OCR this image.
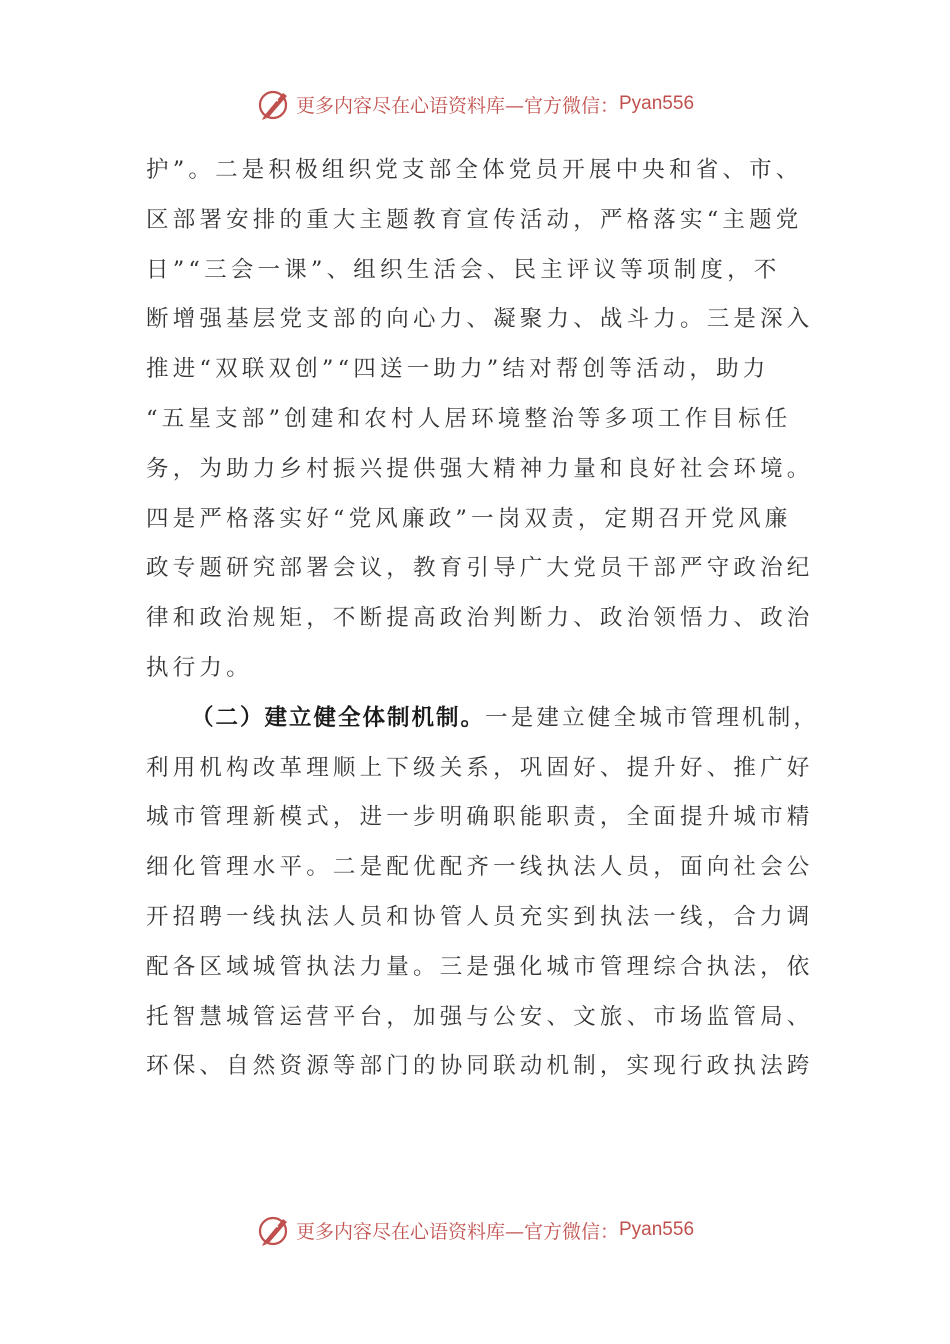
更多内容尽在心语资料库—官方微信： Pyan556
护”。二是积极组织党支部全体党员开展中央和省、市、
区部署安排的重大主题教育宣传活动，严格落实“主题党
日”“三会一课”、组织生活会、民主评议等项制度，不
断增强基层党支部的向心力、凝聚力、战斗力。三是深入
推进“双联双创”“四送一助力”结对帮创等活动，助力
“五星支部”创建和农村人居环境整治等多项工作目标任
务，为助力乡村振兴提供强大精神力量和良好社会环境。
四是严格落实好“党风廉政”一岗双责，定期召开党风廉
政专题研究部署会议，教育引导广大党员干部严守政治纪
律和政治规矩，不断提高政治判断力、政治领悟力、政治
执行力。
（二）建立健全体制机制。一是建立健全城市管理机制，
利用机构改革理顺上下级关系，巩固好、提升好、推广好
城市管理新模式，进一步明确职能职责，全面提升城市精
细化管理水平。二是配优配齐一线执法人员，面向社会公
开招聘一线执法人员和协管人员充实到执法一线，合力调
配各区域城管执法力量。三是强化城市管理综合执法，依
托智慧城管运营平台，加强与公安、文旅、市场监管局、
环保、自然资源等部门的协同联动机制，实现行政执法跨
更多内容尽在心语资料库—官方微信： Pyan556
